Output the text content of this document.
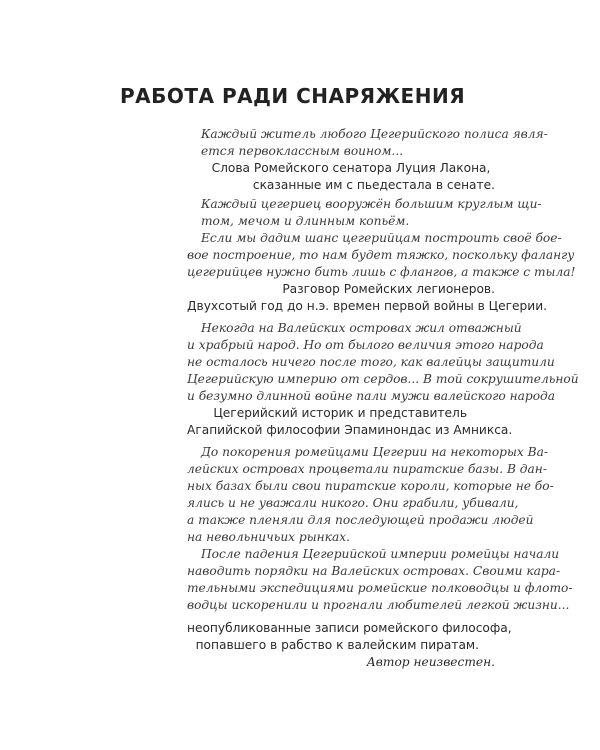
РАБОТА РАДИ СНАРЯЖЕНИЯ
Каждый житель любого Цегерийского полиса явля-
ется первоклассным воином...
Слова Ромейского сенатора Луция Лакона,
сказанные им с пьедестала в сенате.
Каждый цегериец вооружён большим круглым щи-
том, мечом и длинным копьём.
Если мы дадим шанс цегерийцам построить своё бое-
вое построение, то нам будет тяжко, поскольку фалангу
цегерийцев нужно бить лишь с флангов, а также с тыла!
Разговор Ромейских легионеров.
Двухсотый год до н.э. времен первой войны в Цегерии.
Некогда на Валейских островах жил отважный
и храбрый народ. Но от былого величия этого народа
не осталось ничего после того, как валейцы защитили
Цегерийскую империю от сердов... В той сокрушительной
и безумно длинной войне пали мужи валейского народа
Цегерийский историк и представитель
Агапийской философии Эпаминондас из Амникса.
До покорения ромейцами Цегерии на некоторых Ва-
лейских островах процветали пиратские базы. В дан-
ных базах были свои пиратские короли, которые не бо-
ялись и не уважали никого. Они грабили, убивали,
а также пленяли для последующей продажи людей
на невольничьих рынках.
После падения Цегерийской империи ромейцы начали
наводить порядки на Валейских островах. Своими кара-
тельными экспедициями ромейские полководцы и флото-
водцы искоренили и прогнали любителей легкой жизни...
неопубликованные записи ромейского философа,
попавшего в рабство к валейским пиратам.
Автор неизвестен.
